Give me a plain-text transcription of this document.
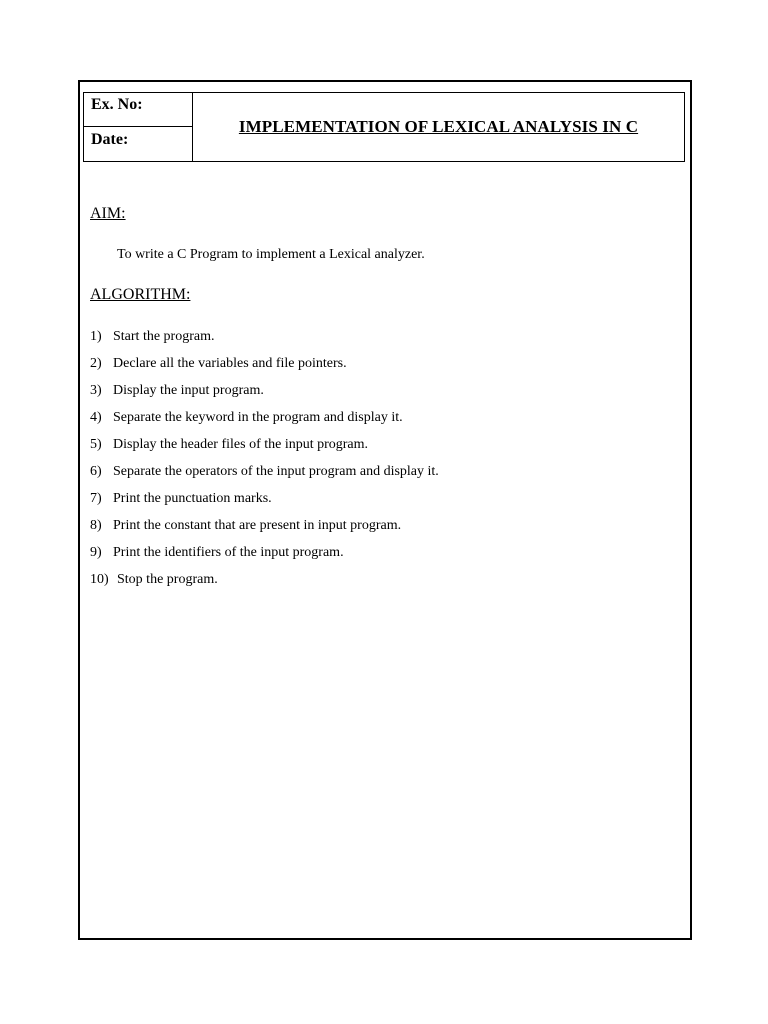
Ex. No:
Date:
IMPLEMENTATION OF LEXICAL ANALYSIS IN C
AIM:
To write a C Program to implement a Lexical analyzer.
ALGORITHM:
1) Start the program.
2) Declare all the variables and file pointers.
3) Display the input program.
4) Separate the keyword in the program and display it.
5) Display the header files of the input program.
6) Separate the operators of the input program and display it.
7) Print the punctuation marks.
8) Print the constant that are present in input program.
9) Print the identifiers of the input program.
10) Stop the program.
